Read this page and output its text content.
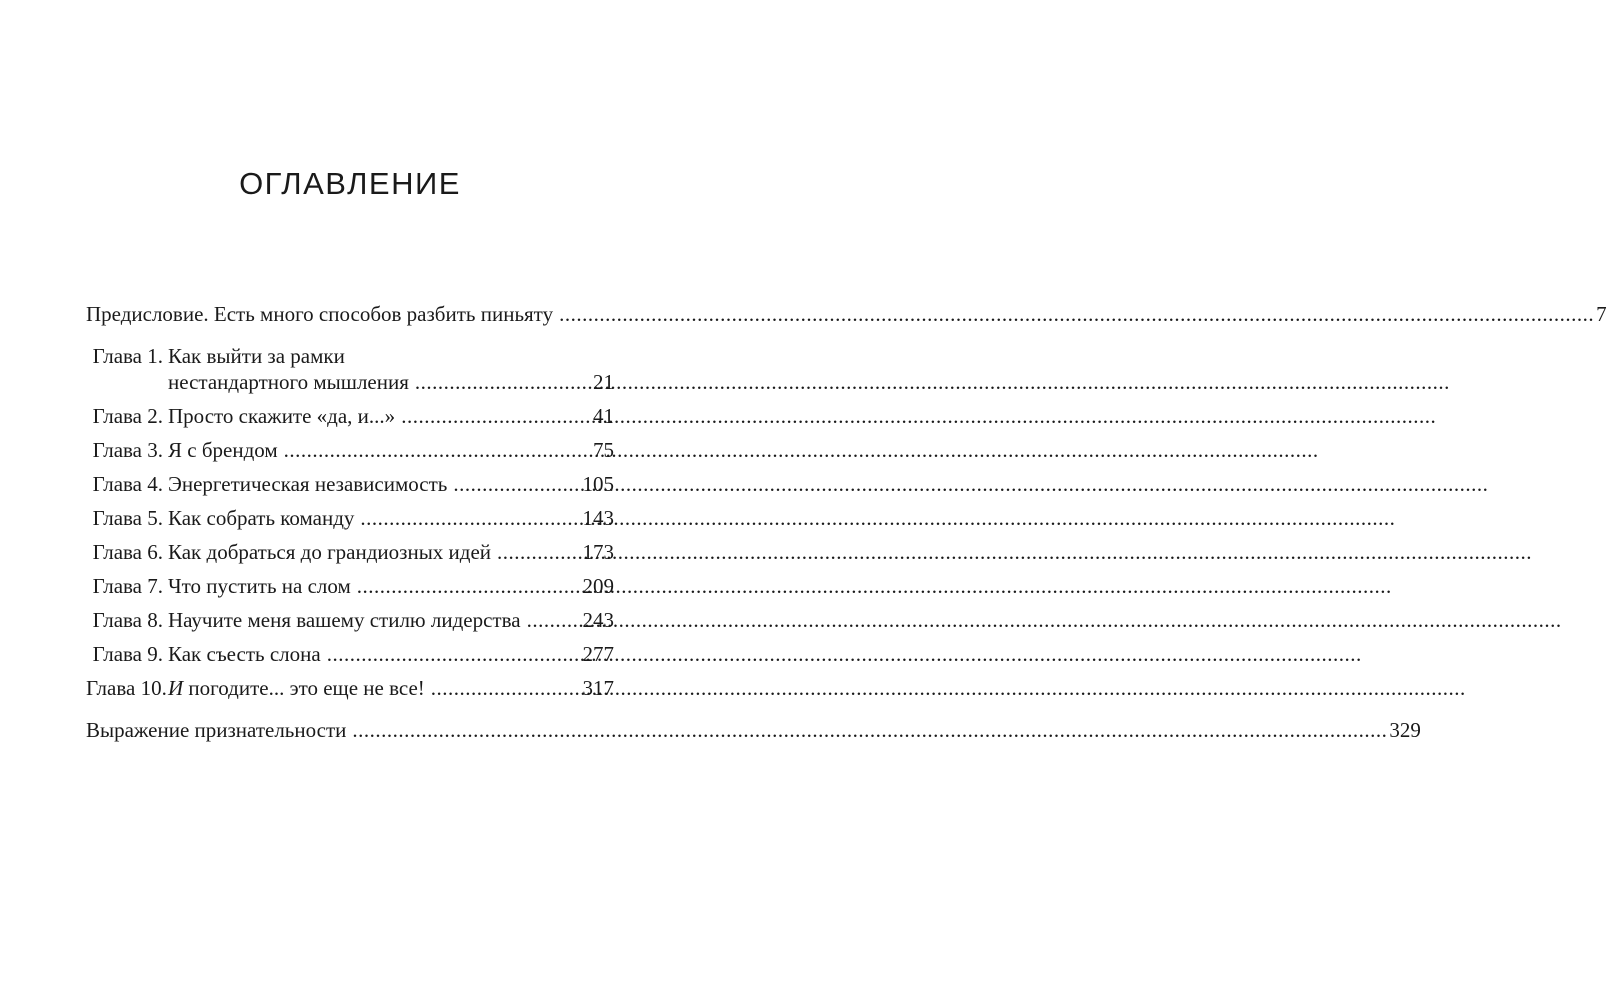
ОГЛАВЛЕНИЕ
Предисловие. Есть много способов разбить пиньяту .....	7
Глава 1. Как выйти за рамки
нестандартного мышления .....	21
Глава 2. Просто скажите «да, и...» .....	41
Глава 3. Я с брендом .....	75
Глава 4. Энергетическая независимость .....	105
Глава 5. Как собрать команду .....	143
Глава 6. Как добраться до грандиозных идей .....	173
Глава 7. Что пустить на слом .....	209
Глава 8. Научите меня вашему стилю лидерства .....	243
Глава 9. Как съесть слона .....	277
Глава 10. И погодите... это еще не все! .....	317
Выражение признательности .....	329
